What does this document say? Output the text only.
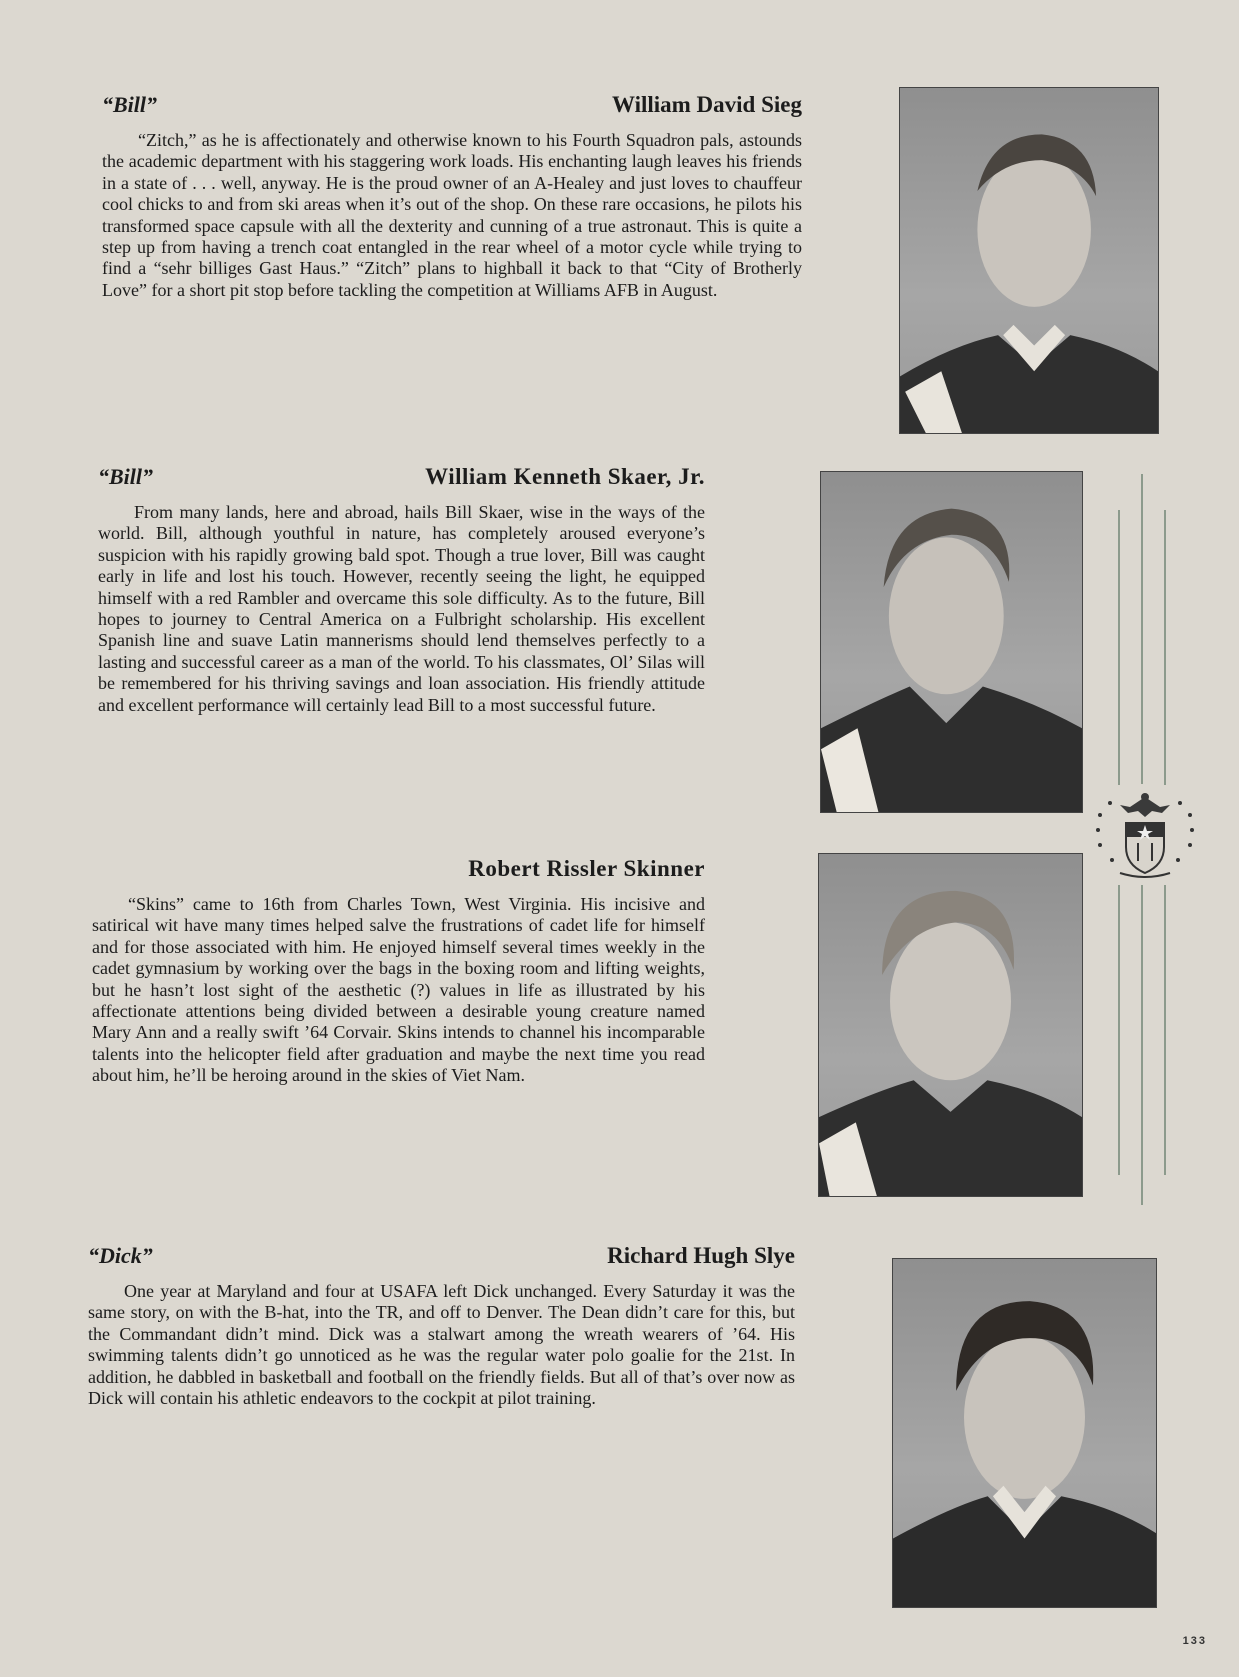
“Bill”	William David Sieg

“Zitch,” as he is affectionately and otherwise known to his Fourth Squadron pals, astounds the academic department with his staggering work loads. His enchanting laugh leaves his friends in a state of . . . well, anyway. He is the proud owner of an A-Healey and just loves to chauffeur cool chicks to and from ski areas when it’s out of the shop. On these rare occasions, he pilots his transformed space capsule with all the dexterity and cunning of a true astronaut. This is quite a step up from having a trench coat entangled in the rear wheel of a motor cycle while trying to find a “sehr billiges Gast Haus.” “Zitch” plans to highball it back to that “City of Brotherly Love” for a short pit stop before tackling the competition at Williams AFB in August.

“Bill”	William Kenneth Skaer, Jr.

From many lands, here and abroad, hails Bill Skaer, wise in the ways of the world. Bill, although youthful in nature, has completely aroused everyone’s suspicion with his rapidly growing bald spot. Though a true lover, Bill was caught early in life and lost his touch. However, recently seeing the light, he equipped himself with a red Rambler and overcame this sole difficulty. As to the future, Bill hopes to journey to Central America on a Fulbright scholarship. His excellent Spanish line and suave Latin mannerisms should lend themselves perfectly to a lasting and successful career as a man of the world. To his classmates, Ol’ Silas will be remembered for his thriving savings and loan association. His friendly attitude and excellent performance will certainly lead Bill to a most successful future.

Robert Rissler Skinner

“Skins” came to 16th from Charles Town, West Virginia. His incisive and satirical wit have many times helped salve the frustrations of cadet life for himself and for those associated with him. He enjoyed himself several times weekly in the cadet gymnasium by working over the bags in the boxing room and lifting weights, but he hasn’t lost sight of the aesthetic (?) values in life as illustrated by his affectionate attentions being divided between a desirable young creature named Mary Ann and a really swift ’64 Corvair. Skins intends to channel his incomparable talents into the helicopter field after graduation and maybe the next time you read about him, he’ll be heroing around in the skies of Viet Nam.

“Dick”	Richard Hugh Slye

One year at Maryland and four at USAFA left Dick unchanged. Every Saturday it was the same story, on with the B-hat, into the TR, and off to Denver. The Dean didn’t care for this, but the Commandant didn’t mind. Dick was a stalwart among the wreath wearers of ’64. His swimming talents didn’t go unnoticed as he was the regular water polo goalie for the 21st. In addition, he dabbled in basketball and football on the friendly fields. But all of that’s over now as Dick will contain his athletic endeavors to the cockpit at pilot training.

133
